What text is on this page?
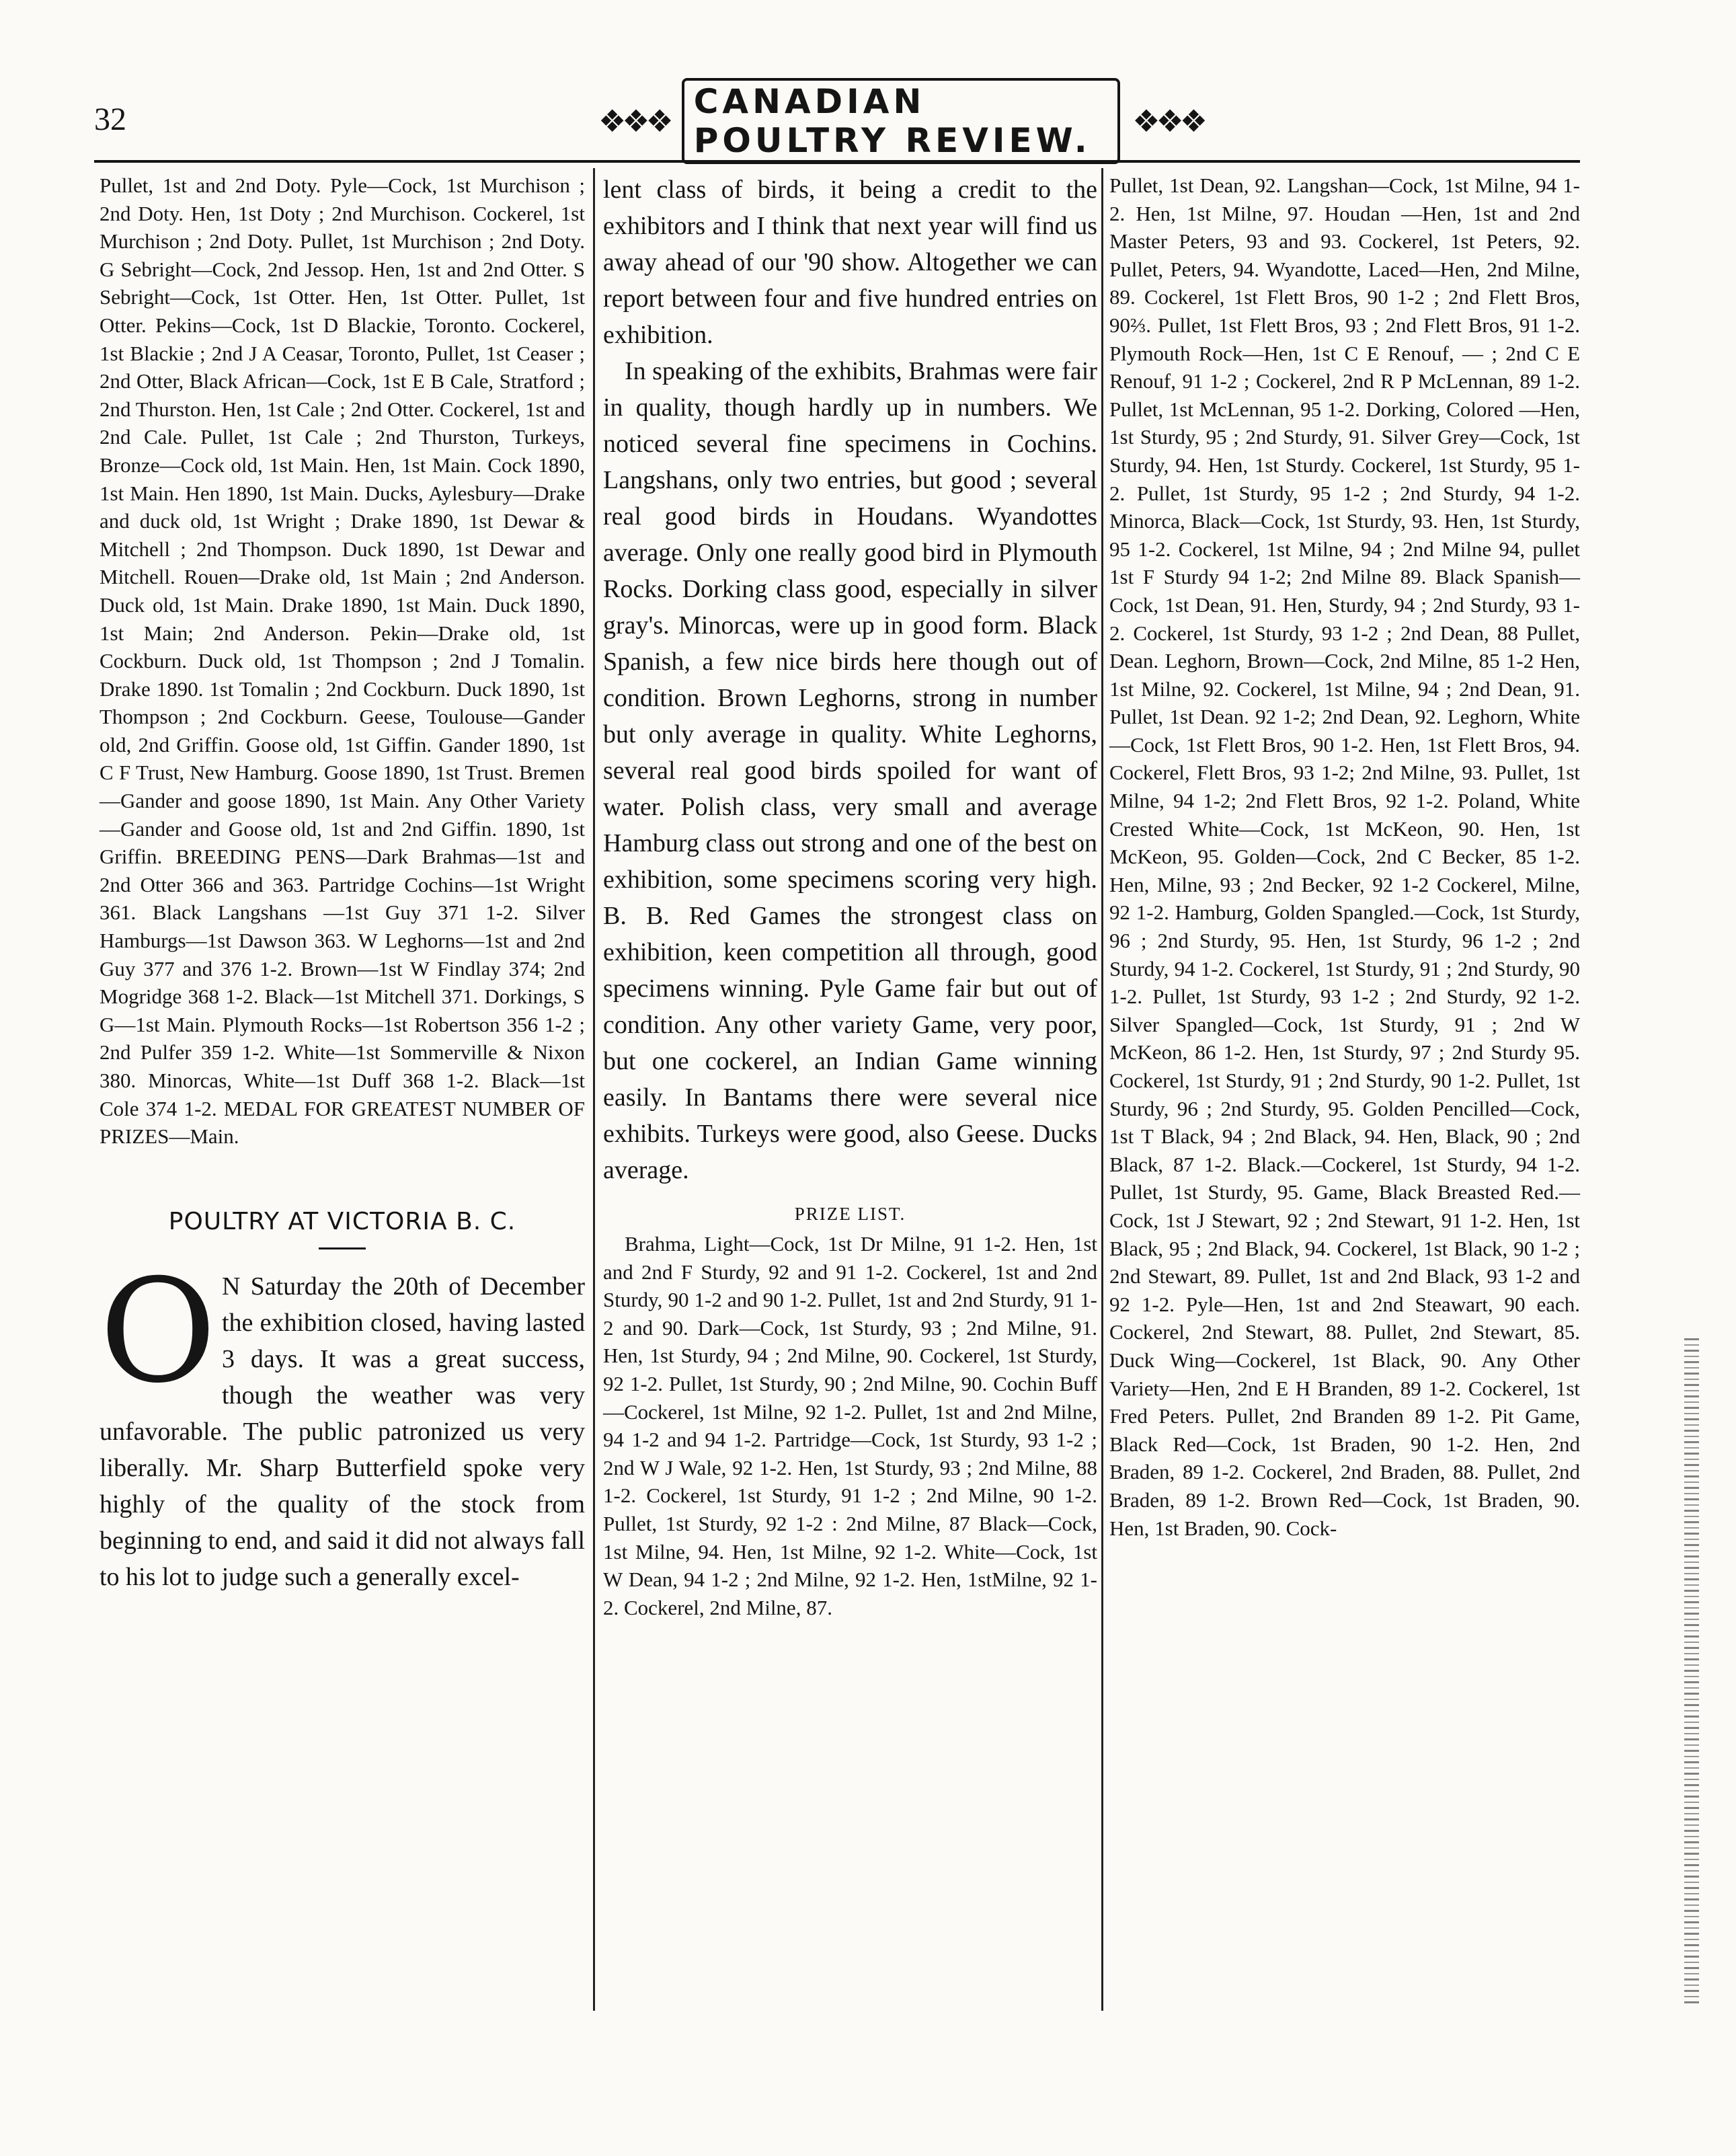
32	❖❖❖
CANADIAN POULTRY REVIEW.	❖❖❖

Pullet, 1st and 2nd Doty. Pyle—Cock, 1st Murchison ; 2nd Doty. Hen, 1st Doty ; 2nd Murchison. Cockerel, 1st Murchison ; 2nd Doty. Pullet, 1st Murchison ; 2nd Doty. G Sebright—Cock, 2nd Jessop. Hen, 1st and 2nd Otter. S Sebright—Cock, 1st Otter. Hen, 1st Otter. Pullet, 1st Otter. Pekins—Cock, 1st D Blackie, Toronto. Cockerel, 1st Blackie ; 2nd J A Ceasar, Toronto, Pullet, 1st Ceaser ; 2nd Otter, Black African—Cock, 1st E B Cale, Stratford ; 2nd Thurston. Hen, 1st Cale ; 2nd Otter. Cockerel, 1st and 2nd Cale. Pullet, 1st Cale ; 2nd Thurston, Turkeys, Bronze—Cock old, 1st Main. Hen, 1st Main. Cock 1890, 1st Main. Hen 1890, 1st Main. Ducks, Aylesbury—Drake and duck old, 1st Wright ; Drake 1890, 1st Dewar & Mitchell ; 2nd Thompson. Duck 1890, 1st Dewar and Mitchell. Rouen—Drake old, 1st Main ; 2nd Anderson. Duck old, 1st Main. Drake 1890, 1st Main. Duck 1890, 1st Main; 2nd Anderson. Pekin—Drake old, 1st Cockburn. Duck old, 1st Thompson ; 2nd J Tomalin. Drake 1890. 1st Tomalin ; 2nd Cockburn. Duck 1890, 1st Thompson ; 2nd Cockburn. Geese, Toulouse—Gander old, 2nd Griffin. Goose old, 1st Giffin. Gander 1890, 1st C F Trust, New Hamburg. Goose 1890, 1st Trust. Bremen—Gander and goose 1890, 1st Main. Any Other Variety—Gander and Goose old, 1st and 2nd Giffin. 1890, 1st Griffin. BREEDING PENS—Dark Brahmas—1st and 2nd Otter 366 and 363. Partridge Cochins—1st Wright 361. Black Langshans —1st Guy 371 1-2. Silver Hamburgs—1st Dawson 363. W Leghorns—1st and 2nd Guy 377 and 376 1-2. Brown—1st W Findlay 374; 2nd Mogridge 368 1-2. Black—1st Mitchell 371. Dorkings, S G—1st Main. Plymouth Rocks—1st Robertson 356 1-2 ; 2nd Pulfer 359 1-2. White—1st Sommerville & Nixon 380. Minorcas, White—1st Duff 368 1-2. Black—1st Cole 374 1-2. MEDAL FOR GREATEST NUMBER OF PRIZES—Main.

POULTRY AT VICTORIA B. C.
O N Saturday the 20th of December the exhibition closed, having lasted 3 days. It was a great success, though the weather was very unfavorable. The public patronized us very liberally. Mr. Sharp Butterfield spoke very highly of the quality of the stock from beginning to end, and said it did not always fall to his lot to judge such a generally excel-

lent class of birds, it being a credit to the exhibitors and I think that next year will find us away ahead of our '90 show. Altogether we can report between four and five hundred entries on exhibition.

In speaking of the exhibits, Brahmas were fair in quality, though hardly up in numbers. We noticed several fine specimens in Cochins. Langshans, only two entries, but good ; several real good birds in Houdans. Wyandottes average. Only one really good bird in Plymouth Rocks. Dorking class good, especially in silver gray's. Minorcas, were up in good form. Black Spanish, a few nice birds here though out of condition. Brown Leghorns, strong in number but only average in quality. White Leghorns, several real good birds spoiled for want of water. Polish class, very small and average Hamburg class out strong and one of the best on exhibition, some specimens scoring very high. B. B. Red Games the strongest class on exhibition, keen competition all through, good specimens winning. Pyle Game fair but out of condition. Any other variety Game, very poor, but one cockerel, an Indian Game winning easily. In Bantams there were several nice exhibits. Turkeys were good, also Geese. Ducks average.

PRIZE LIST.

Brahma, Light—Cock, 1st Dr Milne, 91 1-2. Hen, 1st and 2nd F Sturdy, 92 and 91 1-2. Cockerel, 1st and 2nd Sturdy, 90 1-2 and 90 1-2. Pullet, 1st and 2nd Sturdy, 91 1-2 and 90. Dark—Cock, 1st Sturdy, 93 ; 2nd Milne, 91. Hen, 1st Sturdy, 94 ; 2nd Milne, 90. Cockerel, 1st Sturdy, 92 1-2. Pullet, 1st Sturdy, 90 ; 2nd Milne, 90. Cochin Buff—Cockerel, 1st Milne, 92 1-2. Pullet, 1st and 2nd Milne, 94 1-2 and 94 1-2. Partridge—Cock, 1st Sturdy, 93 1-2 ; 2nd W J Wale, 92 1-2. Hen, 1st Sturdy, 93 ; 2nd Milne, 88 1-2. Cockerel, 1st Sturdy, 91 1-2 ; 2nd Milne, 90 1-2. Pullet, 1st Sturdy, 92 1-2 : 2nd Milne, 87 Black—Cock, 1st Milne, 94. Hen, 1st Milne, 92 1-2. White—Cock, 1st W Dean, 94 1-2 ; 2nd Milne, 92 1-2. Hen, 1stMilne, 92 1-2. Cockerel, 2nd Milne, 87.

Pullet, 1st Dean, 92. Langshan—Cock, 1st Milne, 94 1-2. Hen, 1st Milne, 97. Houdan —Hen, 1st and 2nd Master Peters, 93 and 93. Cockerel, 1st Peters, 92. Pullet, Peters, 94. Wyandotte, Laced—Hen, 2nd Milne, 89. Cockerel, 1st Flett Bros, 90 1-2 ; 2nd Flett Bros, 90⅔. Pullet, 1st Flett Bros, 93 ; 2nd Flett Bros, 91 1-2. Plymouth Rock—Hen, 1st C E Renouf, — ; 2nd C E Renouf, 91 1-2 ; Cockerel, 2nd R P McLennan, 89 1-2. Pullet, 1st McLennan, 95 1-2. Dorking, Colored —Hen, 1st Sturdy, 95 ; 2nd Sturdy, 91. Silver Grey—Cock, 1st Sturdy, 94. Hen, 1st Sturdy. Cockerel, 1st Sturdy, 95 1-2. Pullet, 1st Sturdy, 95 1-2 ; 2nd Sturdy, 94 1-2. Minorca, Black—Cock, 1st Sturdy, 93. Hen, 1st Sturdy, 95 1-2. Cockerel, 1st Milne, 94 ; 2nd Milne 94, pullet 1st F Sturdy 94 1-2; 2nd Milne 89. Black Spanish—Cock, 1st Dean, 91. Hen, Sturdy, 94 ; 2nd Sturdy, 93 1-2. Cockerel, 1st Sturdy, 93 1-2 ; 2nd Dean, 88 Pullet, Dean. Leghorn, Brown—Cock, 2nd Milne, 85 1-2 Hen, 1st Milne, 92. Cockerel, 1st Milne, 94 ; 2nd Dean, 91. Pullet, 1st Dean. 92 1-2; 2nd Dean, 92. Leghorn, White—Cock, 1st Flett Bros, 90 1-2. Hen, 1st Flett Bros, 94. Cockerel, Flett Bros, 93 1-2; 2nd Milne, 93. Pullet, 1st Milne, 94 1-2; 2nd Flett Bros, 92 1-2. Poland, White Crested White—Cock, 1st McKeon, 90. Hen, 1st McKeon, 95. Golden—Cock, 2nd C Becker, 85 1-2. Hen, Milne, 93 ; 2nd Becker, 92 1-2 Cockerel, Milne, 92 1-2. Hamburg, Golden Spangled.—Cock, 1st Sturdy, 96 ; 2nd Sturdy, 95. Hen, 1st Sturdy, 96 1-2 ; 2nd Sturdy, 94 1-2. Cockerel, 1st Sturdy, 91 ; 2nd Sturdy, 90 1-2. Pullet, 1st Sturdy, 93 1-2 ; 2nd Sturdy, 92 1-2. Silver Spangled—Cock, 1st Sturdy, 91 ; 2nd W McKeon, 86 1-2. Hen, 1st Sturdy, 97 ; 2nd Sturdy 95. Cockerel, 1st Sturdy, 91 ; 2nd Sturdy, 90 1-2. Pullet, 1st Sturdy, 96 ; 2nd Sturdy, 95. Golden Pencilled—Cock, 1st T Black, 94 ; 2nd Black, 94. Hen, Black, 90 ; 2nd Black, 87 1-2. Black.—Cockerel, 1st Sturdy, 94 1-2. Pullet, 1st Sturdy, 95. Game, Black Breasted Red.—Cock, 1st J Stewart, 92 ; 2nd Stewart, 91 1-2. Hen, 1st Black, 95 ; 2nd Black, 94. Cockerel, 1st Black, 90 1-2 ; 2nd Stewart, 89. Pullet, 1st and 2nd Black, 93 1-2 and 92 1-2. Pyle—Hen, 1st and 2nd Steawart, 90 each. Cockerel, 2nd Stewart, 88. Pullet, 2nd Stewart, 85. Duck Wing—Cockerel, 1st Black, 90. Any Other Variety—Hen, 2nd E H Branden, 89 1-2. Cockerel, 1st Fred Peters. Pullet, 2nd Branden 89 1-2. Pit Game, Black Red—Cock, 1st Braden, 90 1-2. Hen, 2nd Braden, 89 1-2. Cockerel, 2nd Braden, 88. Pullet, 2nd Braden, 89 1-2. Brown Red—Cock, 1st Braden, 90. Hen, 1st Braden, 90. Cock-
